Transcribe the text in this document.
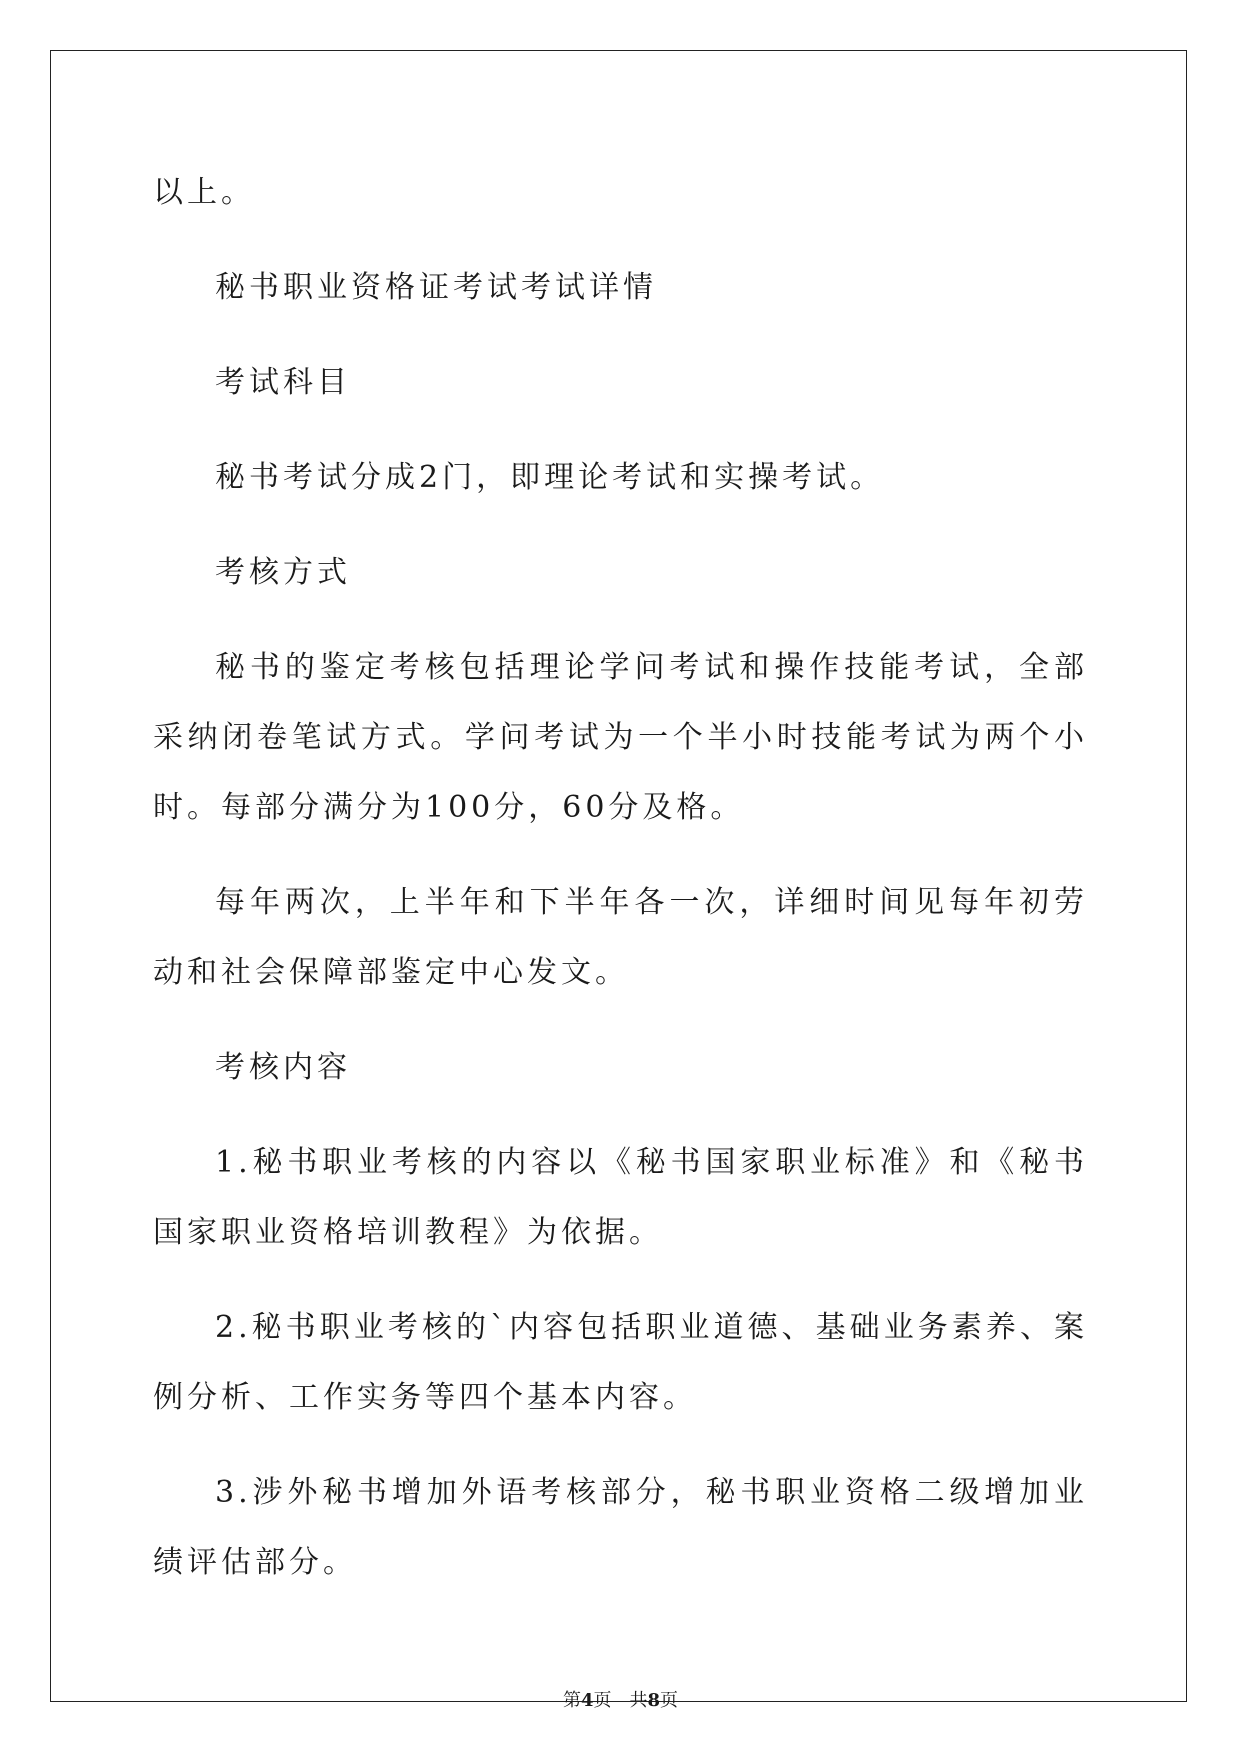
以上。

秘书职业资格证考试考试详情

考试科目

秘书考试分成2门，即理论考试和实操考试。

考核方式

秘书的鉴定考核包括理论学问考试和操作技能考试，全部采纳闭卷笔试方式。学问考试为一个半小时技能考试为两个小时。每部分满分为100分，60分及格。

每年两次，上半年和下半年各一次，详细时间见每年初劳动和社会保障部鉴定中心发文。

考核内容

1.秘书职业考核的内容以《秘书国家职业标准》和《秘书国家职业资格培训教程》为依据。

2.秘书职业考核的`内容包括职业道德、基础业务素养、案例分析、工作实务等四个基本内容。

3.涉外秘书增加外语考核部分，秘书职业资格二级增加业绩评估部分。

第4页 共8页
